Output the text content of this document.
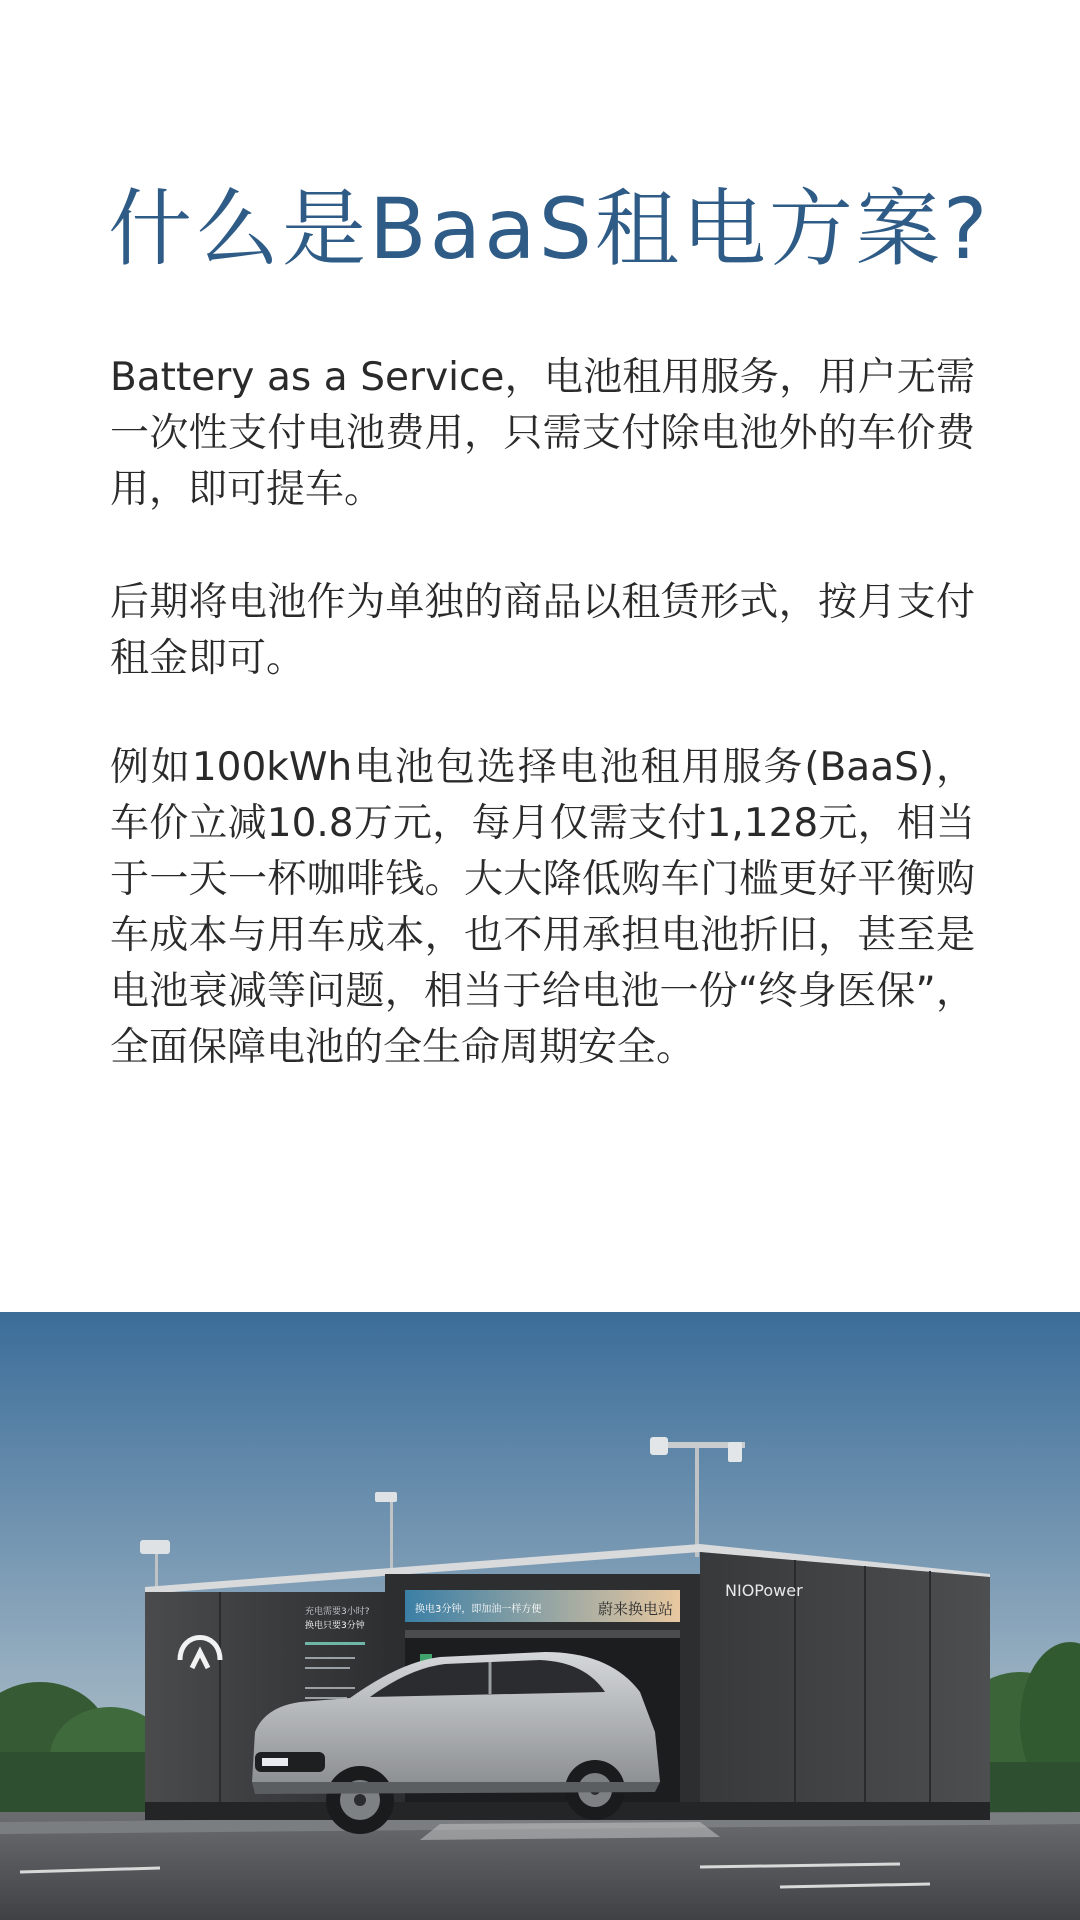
什么是BaaS租电方案?

Battery as a Service，电池租用服务，用户无需一次性支付电池费用，只需支付除电池外的车价费用，即可提车。

后期将电池作为单独的商品以租赁形式，按月支付租金即可。

例如100kWh电池包选择电池租用服务(BaaS)，车价立减10.8万元，每月仅需支付1,128元，相当于一天一杯咖啡钱。大大降低购车门槛更好平衡购车成本与用车成本，也不用承担电池折旧，甚至是电池衰减等问题，相当于给电池一份“终身医保”，全面保障电池的全生命周期安全。

充电需要3小时?
换电只要3分钟
换电3分钟，即加油一样方便	蔚来换电站
NIOPower
